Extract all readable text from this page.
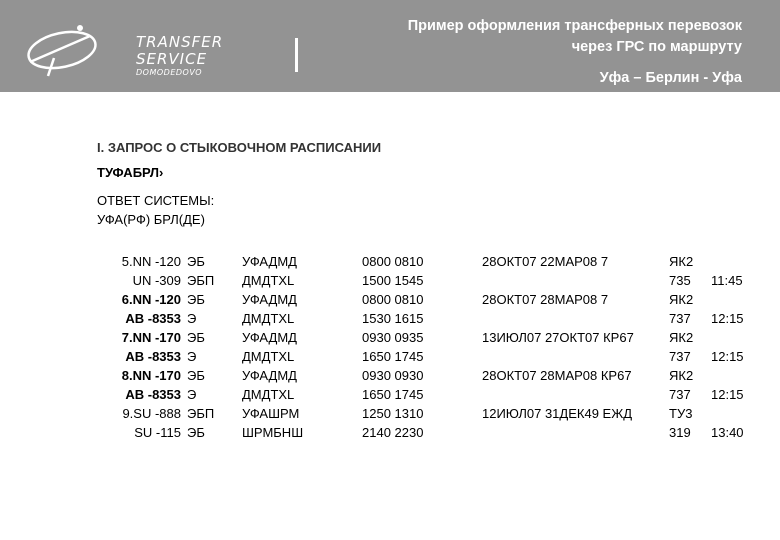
TRANSFER
SERVICE
DOMODEDOVO
Пример оформления трансферных перевозок
через ГРС по маршруту
Уфа – Берлин - Уфа
I. ЗАПРОС О СТЫКОВОЧНОМ РАСПИСАНИИ
ТУФАБРЛ›
ОТВЕТ СИСТЕМЫ:
УФА(РФ) БРЛ(ДЕ)
5.NN -120
UN -309
6.NN -120
AB -8353
7.NN -170
AB -8353
8.NN -170
AB -8353
9.SU -888
SU -115
ЭБ
ЭБП
ЭБ
Э
ЭБ
Э
ЭБ
Э
ЭБП
ЭБ
УФАДМД
ДМДTXL
УФАДМД
ДМДTXL
УФАДМД
ДМДTXL
УФАДМД
ДМДTXL
УФАШРМ
ШРМБНШ
0800 0810
1500 1545
0800 0810
1530 1615
0930 0935
1650 1745
0930 0930
1650 1745
1250 1310
2140 2230
28ОКТ07 22МАР08 7

28ОКТ07 28МАР08 7

13ИЮЛ07 27ОКТ07 КР67

28ОКТ07 28МАР08 КР67

12ИЮЛ07 31ДЕК49 ЕЖД

ЯК2
735
ЯК2
737
ЯК2
737
ЯК2
737
ТУ3
319

11:45

12:15

12:15

12:15

13:40
